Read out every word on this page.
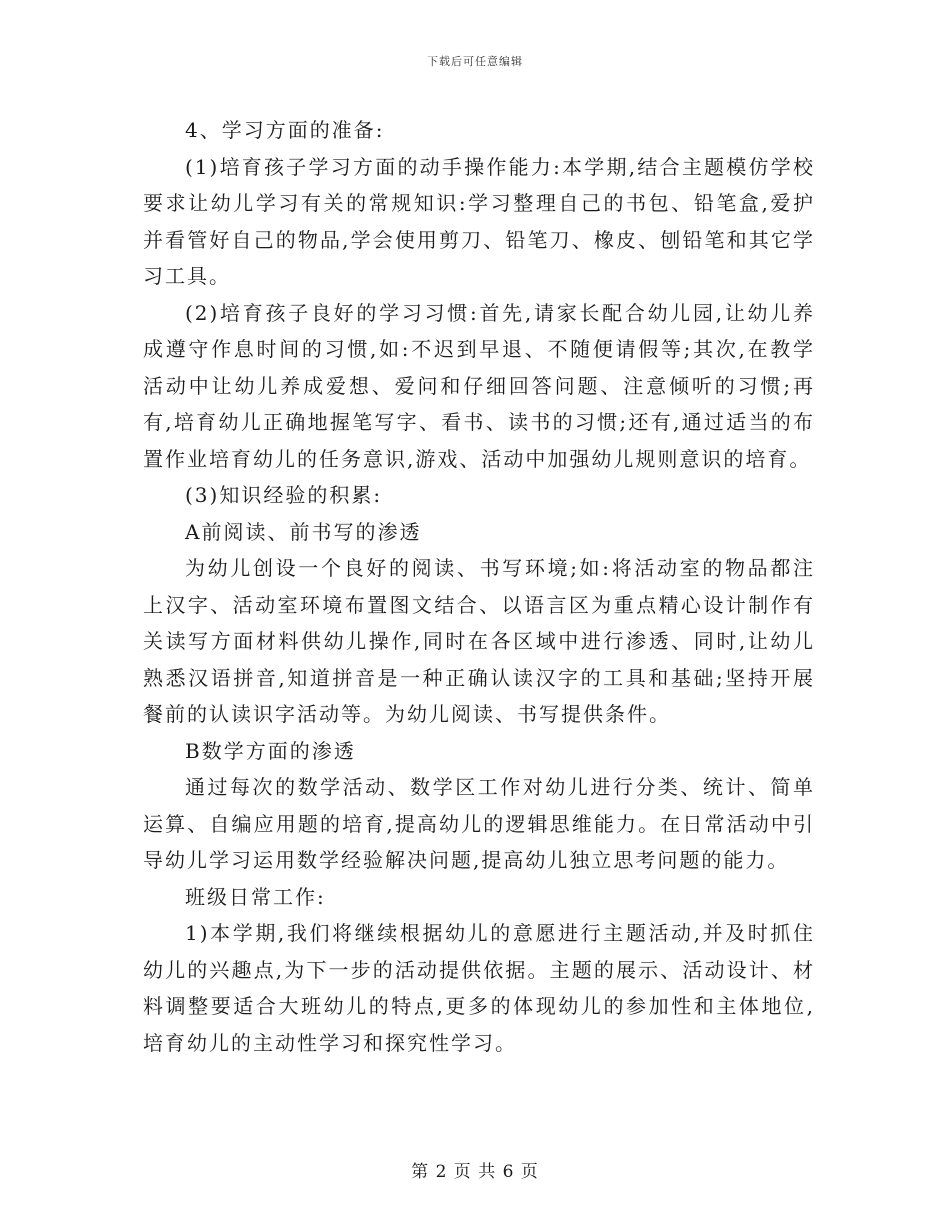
下载后可任意编辑

4、学习方面的准备:

(1)培育孩子学习方面的动手操作能力:本学期,结合主题模仿学校要求让幼儿学习有关的常规知识:学习整理自己的书包、铅笔盒,爱护并看管好自己的物品,学会使用剪刀、铅笔刀、橡皮、刨铅笔和其它学习工具。

(2)培育孩子良好的学习习惯:首先,请家长配合幼儿园,让幼儿养成遵守作息时间的习惯,如:不迟到早退、不随便请假等;其次,在教学活动中让幼儿养成爱想、爱问和仔细回答问题、注意倾听的习惯;再有,培育幼儿正确地握笔写字、看书、读书的习惯;还有,通过适当的布置作业培育幼儿的任务意识,游戏、活动中加强幼儿规则意识的培育。

(3)知识经验的积累:

A前阅读、前书写的渗透

为幼儿创设一个良好的阅读、书写环境;如:将活动室的物品都注上汉字、活动室环境布置图文结合、以语言区为重点精心设计制作有关读写方面材料供幼儿操作,同时在各区域中进行渗透、同时,让幼儿熟悉汉语拼音,知道拼音是一种正确认读汉字的工具和基础;坚持开展餐前的认读识字活动等。为幼儿阅读、书写提供条件。

B数学方面的渗透

通过每次的数学活动、数学区工作对幼儿进行分类、统计、简单运算、自编应用题的培育,提高幼儿的逻辑思维能力。在日常活动中引导幼儿学习运用数学经验解决问题,提高幼儿独立思考问题的能力。

班级日常工作:

1)本学期,我们将继续根据幼儿的意愿进行主题活动,并及时抓住幼儿的兴趣点,为下一步的活动提供依据。主题的展示、活动设计、材料调整要适合大班幼儿的特点,更多的体现幼儿的参加性和主体地位,培育幼儿的主动性学习和探究性学习。

第 2 页 共 6 页
